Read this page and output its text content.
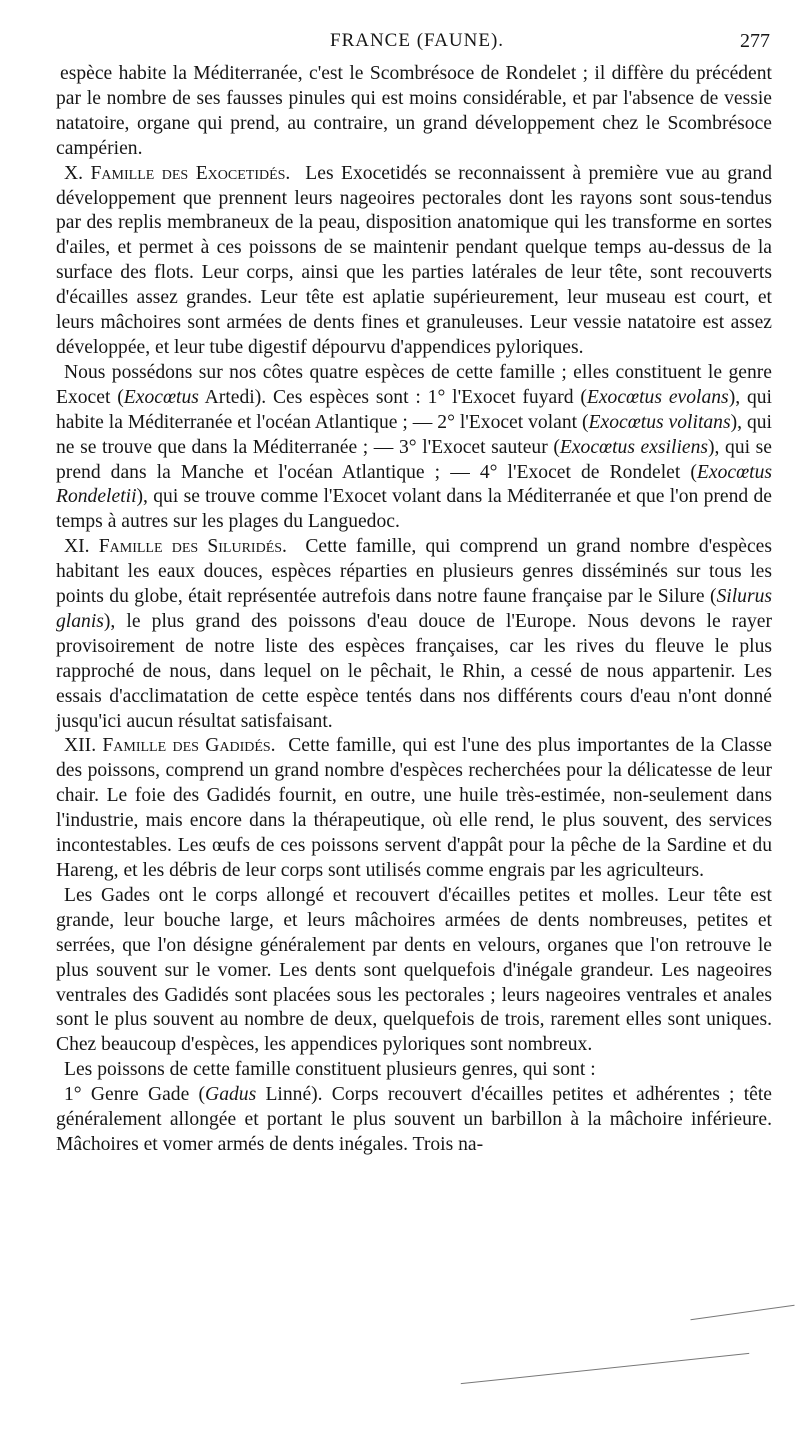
FRANCE (FAUNE).	277

espèce habite la Méditerranée, c'est le Scombrésoce de Rondelet ; il diffère du précédent par le nombre de ses fausses pinules qui est moins considérable, et par l'absence de vessie natatoire, organe qui prend, au contraire, un grand développement chez le Scombrésoce campérien.

X. Famille des Exocetidés. Les Exocetidés se reconnaissent à première vue au grand développement que prennent leurs nageoires pectorales dont les rayons sont sous-tendus par des replis membraneux de la peau, disposition anatomique qui les transforme en sortes d'ailes, et permet à ces poissons de se maintenir pendant quelque temps au-dessus de la surface des flots. Leur corps, ainsi que les parties latérales de leur tête, sont recouverts d'écailles assez grandes. Leur tête est aplatie supérieurement, leur museau est court, et leurs mâchoires sont armées de dents fines et granuleuses. Leur vessie natatoire est assez développée, et leur tube digestif dépourvu d'appendices pyloriques.

Nous possédons sur nos côtes quatre espèces de cette famille ; elles constituent le genre Exocet (Exocœtus Artedi). Ces espèces sont : 1° l'Exocet fuyard (Exocœtus evolans), qui habite la Méditerranée et l'océan Atlantique ; — 2° l'Exocet volant (Exocœtus volitans), qui ne se trouve que dans la Méditerranée ; — 3° l'Exocet sauteur (Exocœtus exsiliens), qui se prend dans la Manche et l'océan Atlantique ; — 4° l'Exocet de Rondelet (Exocœtus Rondeletii), qui se trouve comme l'Exocet volant dans la Méditerranée et que l'on prend de temps à autres sur les plages du Languedoc.

XI. Famille des Siluridés. Cette famille, qui comprend un grand nombre d'espèces habitant les eaux douces, espèces réparties en plusieurs genres disséminés sur tous les points du globe, était représentée autrefois dans notre faune française par le Silure (Silurus glanis), le plus grand des poissons d'eau douce de l'Europe. Nous devons le rayer provisoirement de notre liste des espèces françaises, car les rives du fleuve le plus rapproché de nous, dans lequel on le pêchait, le Rhin, a cessé de nous appartenir. Les essais d'acclimatation de cette espèce tentés dans nos différents cours d'eau n'ont donné jusqu'ici aucun résultat satisfaisant.

XII. Famille des Gadidés. Cette famille, qui est l'une des plus importantes de la Classe des poissons, comprend un grand nombre d'espèces recherchées pour la délicatesse de leur chair. Le foie des Gadidés fournit, en outre, une huile très-estimée, non-seulement dans l'industrie, mais encore dans la thérapeutique, où elle rend, le plus souvent, des services incontestables. Les œufs de ces poissons servent d'appât pour la pêche de la Sardine et du Hareng, et les débris de leur corps sont utilisés comme engrais par les agriculteurs.

Les Gades ont le corps allongé et recouvert d'écailles petites et molles. Leur tête est grande, leur bouche large, et leurs mâchoires armées de dents nombreuses, petites et serrées, que l'on désigne généralement par dents en velours, organes que l'on retrouve le plus souvent sur le vomer. Les dents sont quelquefois d'inégale grandeur. Les nageoires ventrales des Gadidés sont placées sous les pectorales ; leurs nageoires ventrales et anales sont le plus souvent au nombre de deux, quelquefois de trois, rarement elles sont uniques. Chez beaucoup d'espèces, les appendices pyloriques sont nombreux.

Les poissons de cette famille constituent plusieurs genres, qui sont :

1° Genre Gade (Gadus Linné). Corps recouvert d'écailles petites et adhérentes ; tête généralement allongée et portant le plus souvent un barbillon à la mâchoire inférieure. Mâchoires et vomer armés de dents inégales. Trois na-
